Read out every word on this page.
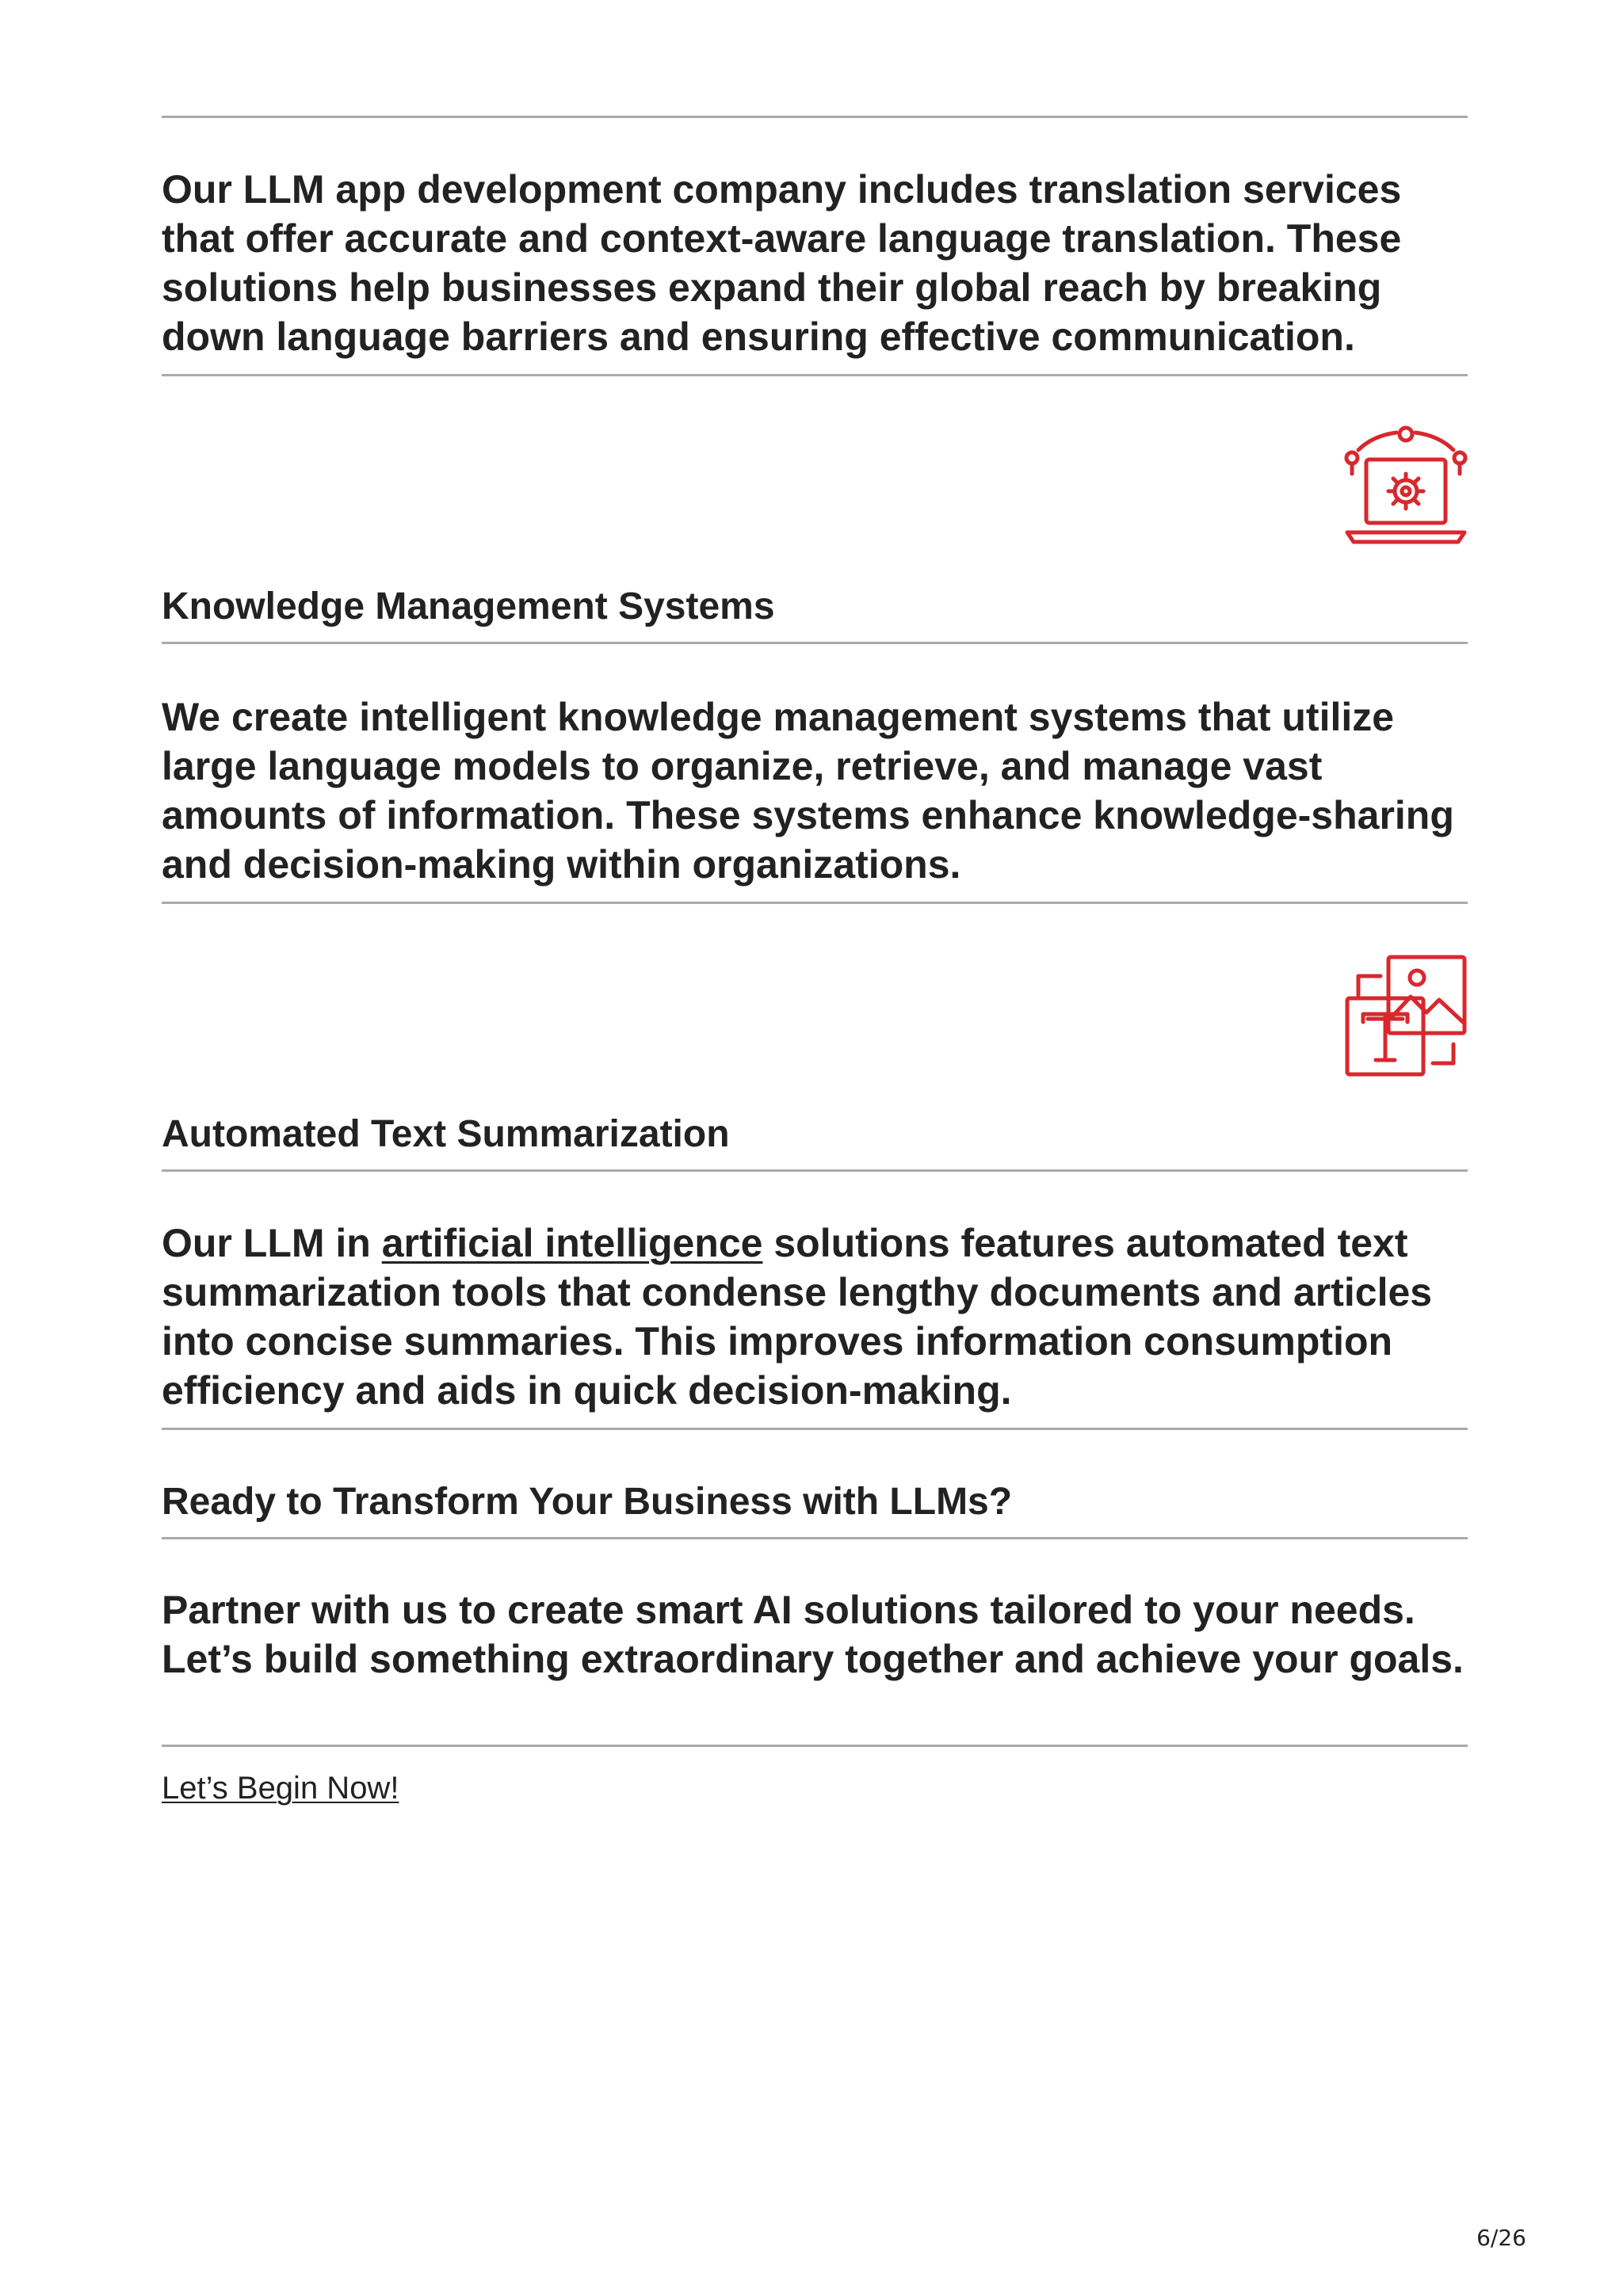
Our LLM app development company includes translation services that offer accurate and context-aware language translation. These solutions help businesses expand their global reach by breaking down language barriers and ensuring effective communication.

Knowledge Management Systems

We create intelligent knowledge management systems that utilize large language models to organize, retrieve, and manage vast amounts of information. These systems enhance knowledge-sharing and decision-making within organizations.

Automated Text Summarization

Our LLM in artificial intelligence solutions features automated text summarization tools that condense lengthy documents and articles into concise summaries. This improves information consumption efficiency and aids in quick decision-making.

Ready to Transform Your Business with LLMs?

Partner with us to create smart AI solutions tailored to your needs. Let’s build something extraordinary together and achieve your goals.

Let’s Begin Now!
6/26
